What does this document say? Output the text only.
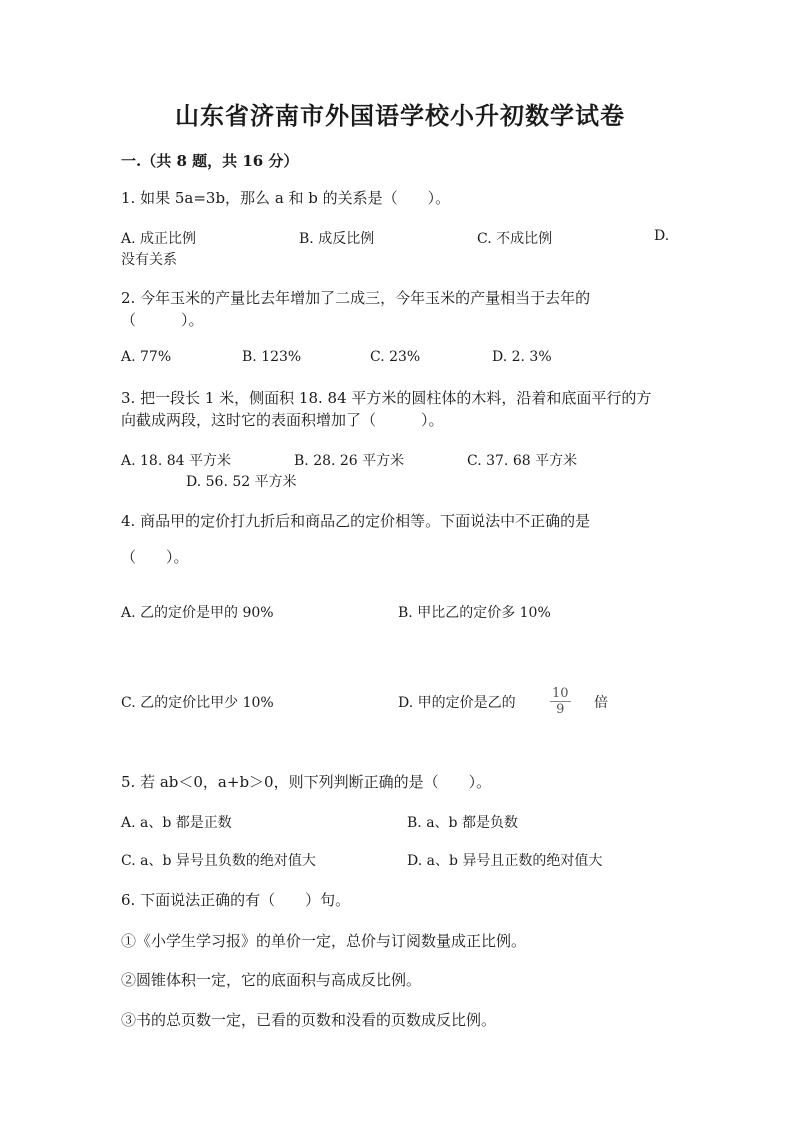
山东省济南市外国语学校小升初数学试卷
一.（共 8 题，共 16 分）
1. 如果 5a=3b，那么 a 和 b 的关系是（　　）。
A. 成正比例	B. 成反比例	C. 不成比例	D.
没有关系
2. 今年玉米的产量比去年增加了二成三，今年玉米的产量相当于去年的
（　　　）。
A. 77%	B. 123%	C. 23%	D. 2. 3%
3. 把一段长 1 米，侧面积 18. 84 平方米的圆柱体的木料，沿着和底面平行的方
向截成两段，这时它的表面积增加了（　　　）。
A. 18. 84 平方米	B. 28. 26 平方米	C. 37. 68 平方米
D. 56. 52 平方米
4. 商品甲的定价打九折后和商品乙的定价相等。下面说法中不正确的是
（　　）。
A. 乙的定价是甲的 90%	B. 甲比乙的定价多 10%
C. 乙的定价比甲少 10%	D. 甲的定价是乙的	$\frac{10}{9}$ 倍
5. 若 ab＜0，a+b＞0，则下列判断正确的是（　　）。
A. a、b 都是正数	B. a、b 都是负数
C. a、b 异号且负数的绝对值大	D. a、b 异号且正数的绝对值大
6. 下面说法正确的有（　　）句。
①《小学生学习报》的单价一定，总价与订阅数量成正比例。
②圆锥体积一定，它的底面积与高成反比例。
③书的总页数一定，已看的页数和没看的页数成反比例。
